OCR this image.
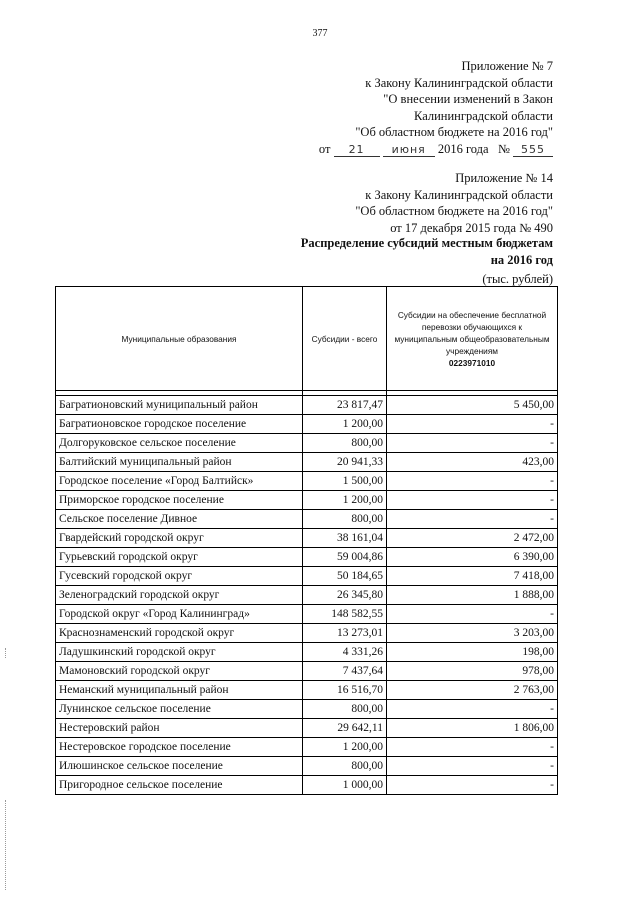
377
Приложение № 7
к Закону Калининградской области
"О внесении изменений в Закон
Калининградской области
"Об областном бюджете на 2016 год"
от 21 июня 2016 года № 555
Приложение № 14
к Закону Калининградской области
"Об областном бюджете на 2016 год"
от 17 декабря 2015 года № 490
Распределение субсидий местным бюджетам
на 2016 год
(тыс. рублей)
Муниципальные образования	Субсидии - всего	Субсидии на обеспечение бесплатной перевозки обучающихся к муниципальным общеобразовательным учреждениям
0223971010

Багратионовский муниципальный район	23 817,47	5 450,00
Багратионовское городское поселение	1 200,00	-
Долгоруковское сельское поселение	800,00	-
Балтийский муниципальный район	20 941,33	423,00
Городское поселение «Город Балтийск»	1 500,00	-
Приморское городское поселение	1 200,00	-
Сельское поселение Дивное	800,00	-
Гвардейский городской округ	38 161,04	2 472,00
Гурьевский городской округ	59 004,86	6 390,00
Гусевский городской округ	50 184,65	7 418,00
Зеленоградский городской округ	26 345,80	1 888,00
Городской округ «Город Калининград»	148 582,55	-
Краснознаменский городской округ	13 273,01	3 203,00
Ладушкинский городской округ	4 331,26	198,00
Мамоновский городской округ	7 437,64	978,00
Неманский муниципальный район	16 516,70	2 763,00
Лунинское сельское поселение	800,00	-
Нестеровский район	29 642,11	1 806,00
Нестеровское городское поселение	1 200,00	-
Илюшинское сельское поселение	800,00	-
Пригородное сельское поселение	1 000,00	-
